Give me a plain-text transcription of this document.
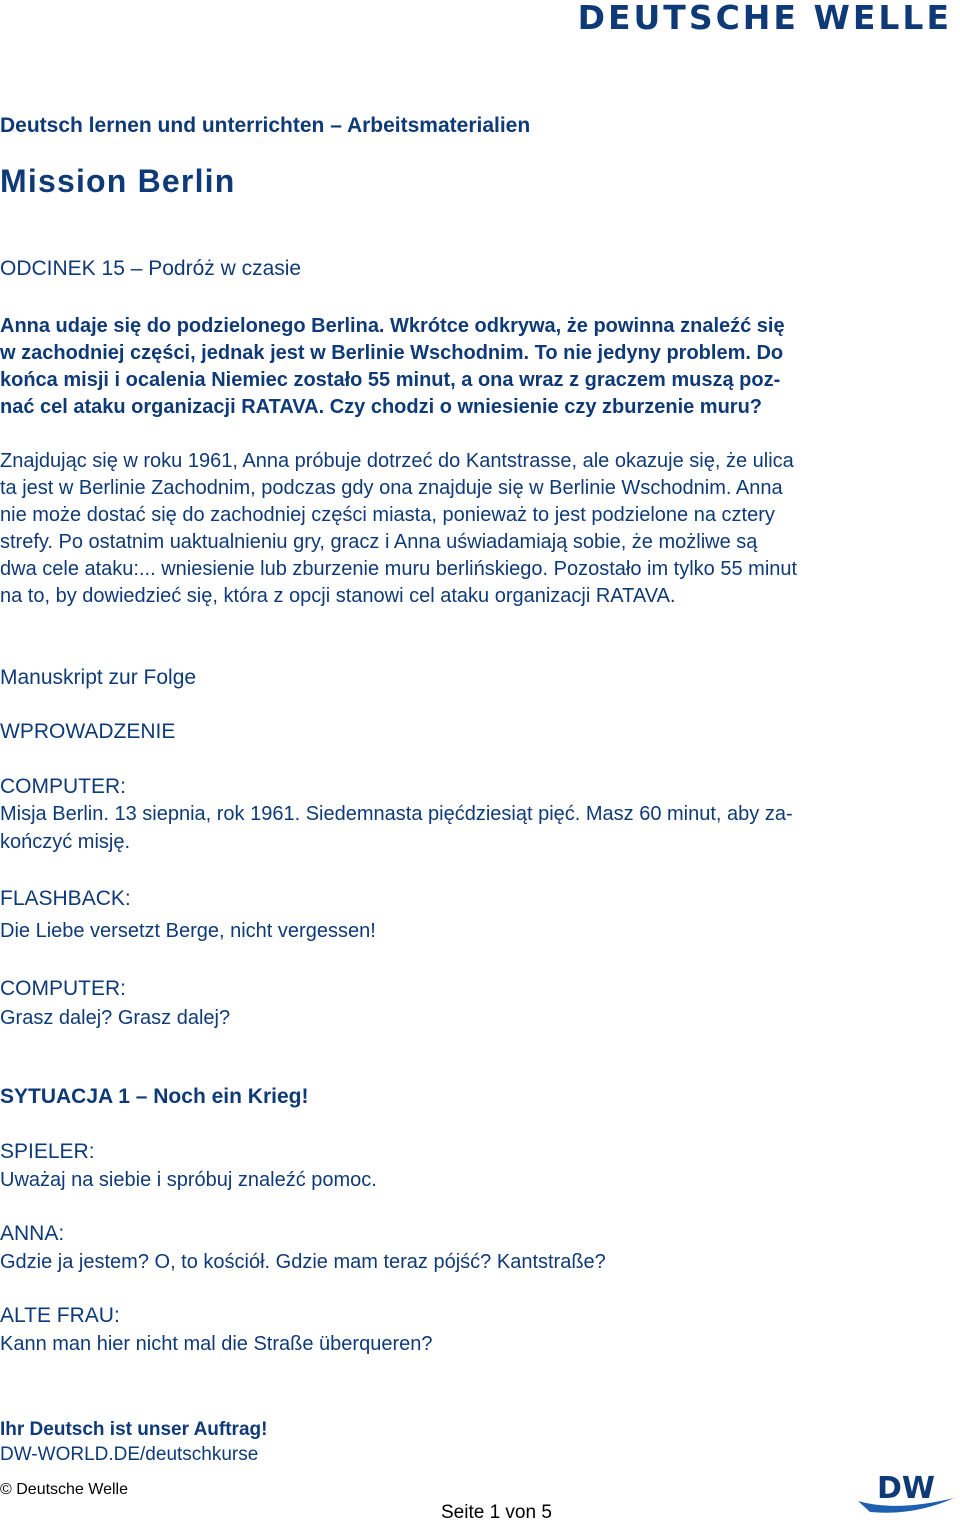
DEUTSCHE WELLE

Deutsch lernen und unterrichten – Arbeitsmaterialien

Mission Berlin

ODCINEK 15 – Podróż w czasie

Anna udaje się do podzielonego Berlina. Wkrótce odkrywa, że powinna znaleźć się
w zachodniej części, jednak jest w Berlinie Wschodnim. To nie jedyny problem. Do
końca misji i ocalenia Niemiec zostało 55 minut, a ona wraz z graczem muszą poz-
nać cel ataku organizacji RATAVA. Czy chodzi o wniesienie czy zburzenie muru?
Znajdując się w roku 1961, Anna próbuje dotrzeć do Kantstrasse, ale okazuje się, że ulica
ta jest w Berlinie Zachodnim, podczas gdy ona znajduje się w Berlinie Wschodnim. Anna
nie może dostać się do zachodniej części miasta, ponieważ to jest podzielone na cztery
strefy. Po ostatnim uaktualnieniu gry, gracz i Anna uświadamiają sobie, że możliwe są
dwa cele ataku:... wniesienie lub zburzenie muru berlińskiego. Pozostało im tylko 55 minut
na to, by dowiedzieć się, która z opcji stanowi cel ataku organizacji RATAVA.

Manuskript zur Folge

WPROWADZENIE

COMPUTER:

Misja Berlin. 13 siepnia, rok 1961. Siedemnasta pięćdziesiąt pięć. Masz 60 minut, aby za-
kończyć misję.

FLASHBACK:

Die Liebe versetzt Berge, nicht vergessen!

COMPUTER:

Grasz dalej? Grasz dalej?

SYTUACJA 1 – Noch ein Krieg!

SPIELER:

Uważaj na siebie i spróbuj znaleźć pomoc.

ANNA:

Gdzie ja jestem? O, to kościół. Gdzie mam teraz pójść? Kantstraße?

ALTE FRAU:

Kann man hier nicht mal die Straße überqueren?

Ihr Deutsch ist unser Auftrag!

DW-WORLD.DE/deutschkurse

© Deutsche Welle

Seite 1 von 5

DW
